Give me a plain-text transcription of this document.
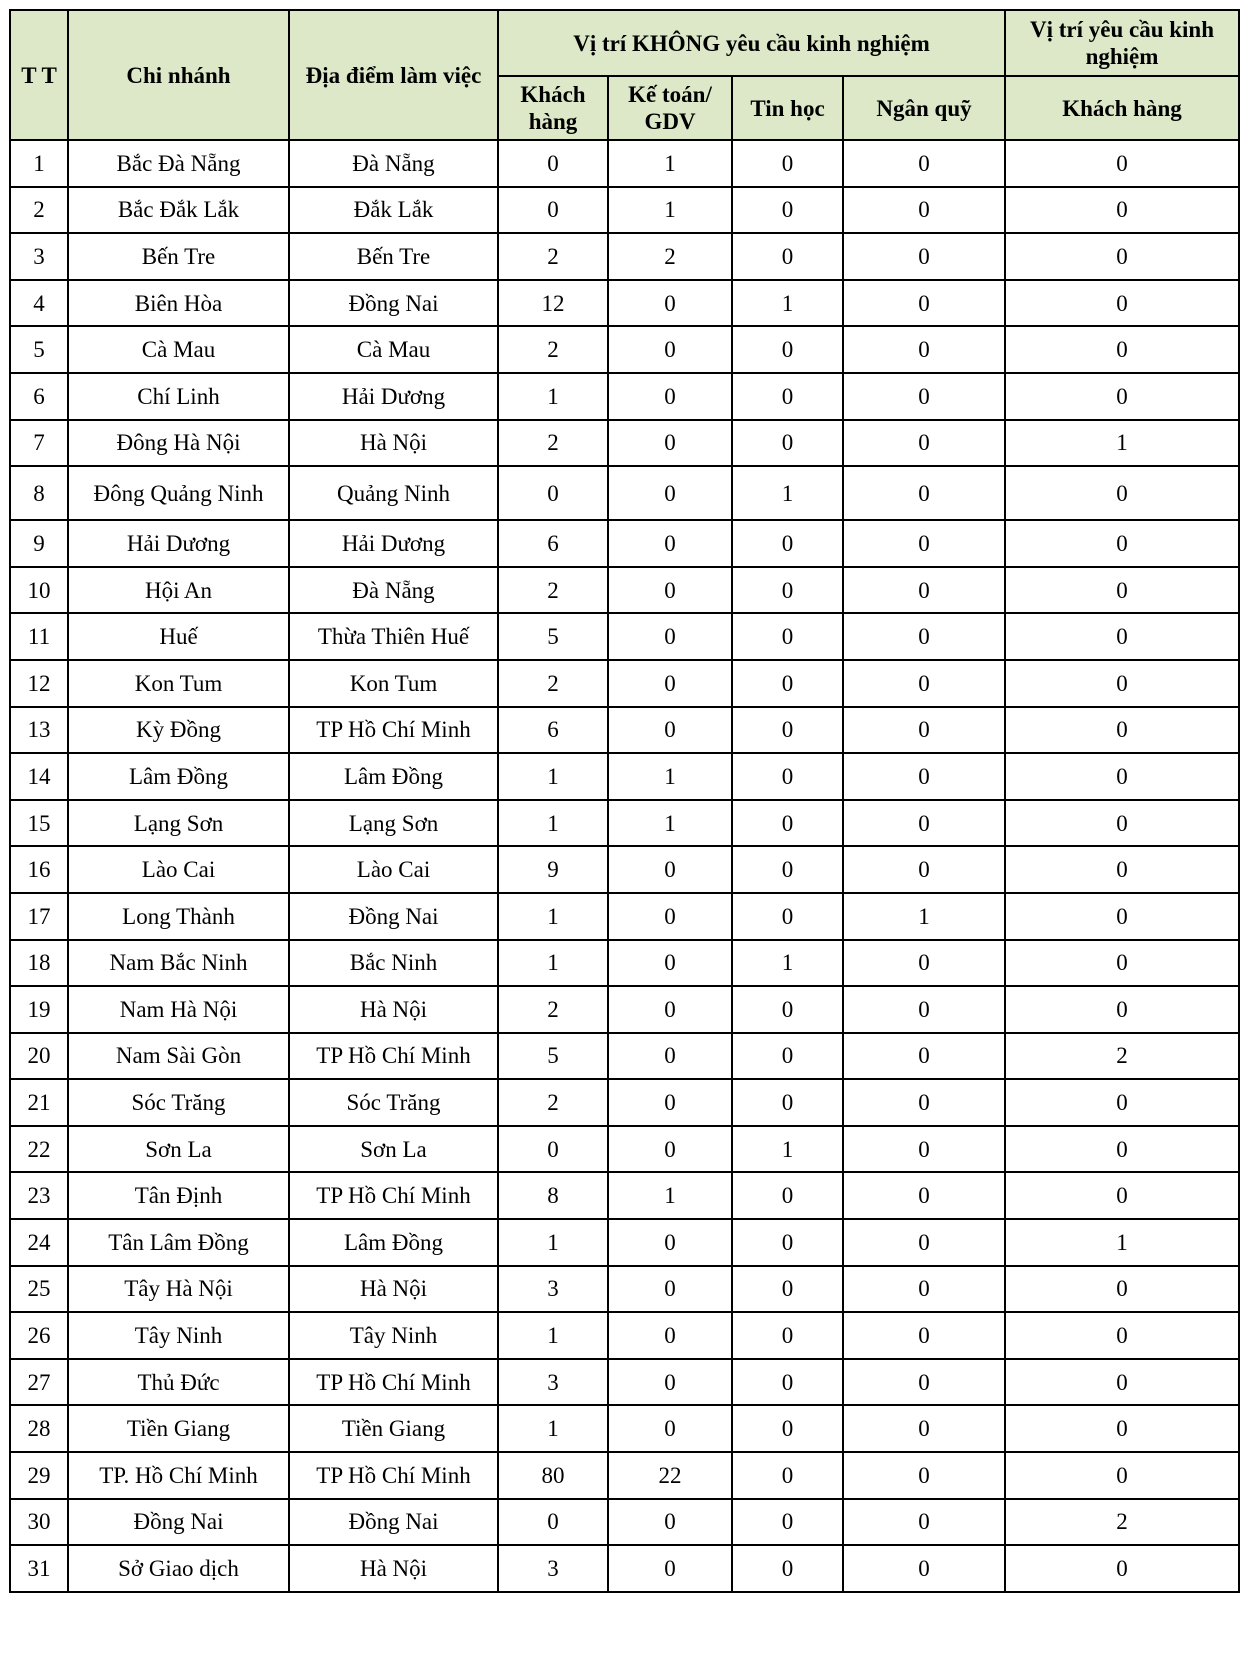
T T	Chi nhánh	Địa điểm làm việc	Vị trí KHÔNG yêu cầu kinh nghiệm				Vị trí yêu cầu kinh nghiệm
			Khách hàng	Kế toán/ GDV	Tin học	Ngân quỹ	Khách hàng
1	Bắc Đà Nẵng	Đà Nẵng	0	1	0	0	0
2	Bắc Đắk Lắk	Đắk Lắk	0	1	0	0	0
3	Bến Tre	Bến Tre	2	2	0	0	0
4	Biên Hòa	Đồng Nai	12	0	1	0	0
5	Cà Mau	Cà Mau	2	0	0	0	0
6	Chí Linh	Hải Dương	1	0	0	0	0
7	Đông Hà Nội	Hà Nội	2	0	0	0	1
8	Đông Quảng Ninh	Quảng Ninh	0	0	1	0	0
9	Hải Dương	Hải Dương	6	0	0	0	0
10	Hội An	Đà Nẵng	2	0	0	0	0
11	Huế	Thừa Thiên Huế	5	0	0	0	0
12	Kon Tum	Kon Tum	2	0	0	0	0
13	Kỳ Đồng	TP Hồ Chí Minh	6	0	0	0	0
14	Lâm Đồng	Lâm Đồng	1	1	0	0	0
15	Lạng Sơn	Lạng Sơn	1	1	0	0	0
16	Lào Cai	Lào Cai	9	0	0	0	0
17	Long Thành	Đồng Nai	1	0	0	1	0
18	Nam Bắc Ninh	Bắc Ninh	1	0	1	0	0
19	Nam Hà Nội	Hà Nội	2	0	0	0	0
20	Nam Sài Gòn	TP Hồ Chí Minh	5	0	0	0	2
21	Sóc Trăng	Sóc Trăng	2	0	0	0	0
22	Sơn La	Sơn La	0	0	1	0	0
23	Tân Định	TP Hồ Chí Minh	8	1	0	0	0
24	Tân Lâm Đồng	Lâm Đồng	1	0	0	0	1
25	Tây Hà Nội	Hà Nội	3	0	0	0	0
26	Tây Ninh	Tây Ninh	1	0	0	0	0
27	Thủ Đức	TP Hồ Chí Minh	3	0	0	0	0
28	Tiền Giang	Tiền Giang	1	0	0	0	0
29	TP. Hồ Chí Minh	TP Hồ Chí Minh	80	22	0	0	0
30	Đồng Nai	Đồng Nai	0	0	0	0	2
31	Sở Giao dịch	Hà Nội	3	0	0	0	0
